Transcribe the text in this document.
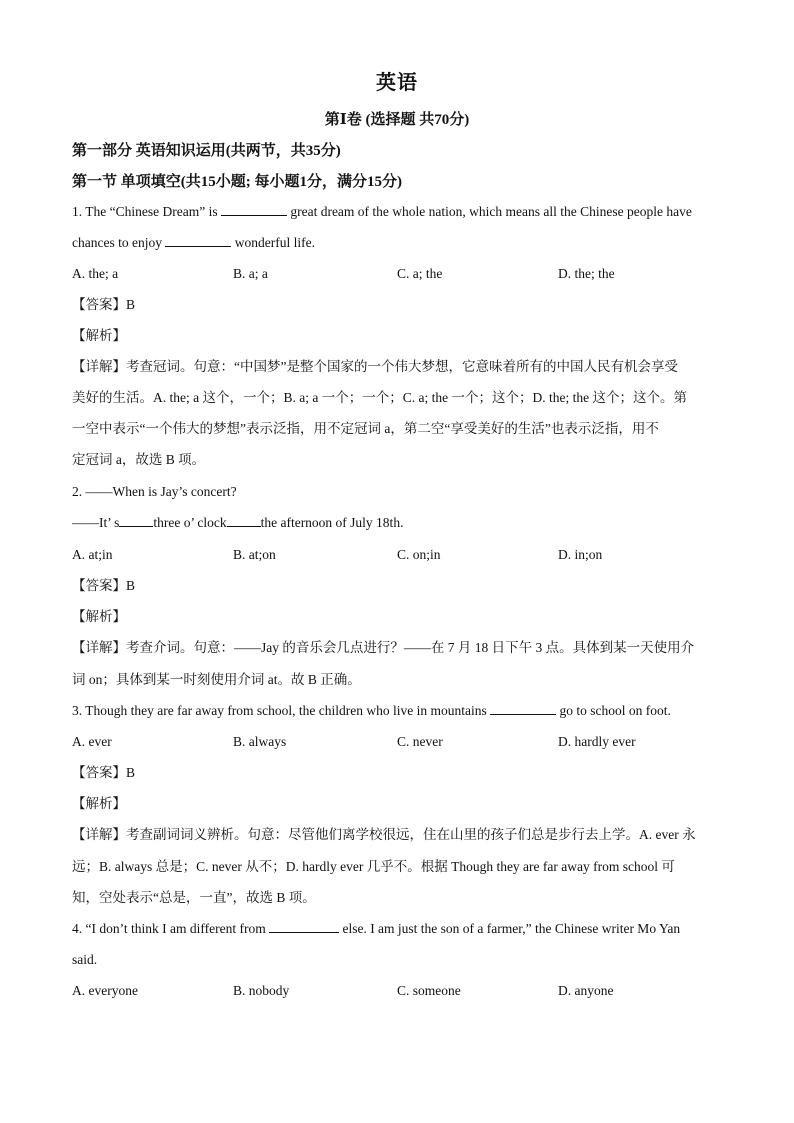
英语
第Ⅰ卷 (选择题 共70分)
第一部分 英语知识运用(共两节，共35分)
第一节 单项填空(共15小题; 每小题1分，满分15分)
1. The “Chinese Dream” is	great dream of the whole nation, which means all the Chinese people have
chances to enjoy	wonderful life.
A. the; a	B. a; a	C. a; the	D. the; the
【答案】B
【解析】
【详解】考查冠词。句意：“中国梦”是整个国家的一个伟大梦想，它意味着所有的中国人民有机会享受
美好的生活。A. the; a 这个，一个；B. a; a 一个；一个；C. a; the 一个；这个；D. the; the 这个；这个。第
一空中表示“一个伟大的梦想”表示泛指，用不定冠词 a，第二空“享受美好的生活”也表示泛指，用不
定冠词 a，故选 B 项。
2. ——When is Jay’s concert?
——It’ s	three o’ clock	the afternoon of July 18th.
A. at;in	B. at;on	C. on;in	D. in;on
【答案】B
【解析】
【详解】考查介词。句意：——Jay 的音乐会几点进行？——在 7 月 18 日下午 3 点。具体到某一天使用介
词 on；具体到某一时刻使用介词 at。故 B 正确。
3. Though they are far away from school, the children who live in mountains	go to school on foot.
A. ever	B. always	C. never	D. hardly ever
【答案】B
【解析】
【详解】考查副词词义辨析。句意：尽管他们离学校很远，住在山里的孩子们总是步行去上学。A. ever 永
远；B. always 总是；C. never 从不；D. hardly ever 几乎不。根据 Though they are far away from school 可
知，空处表示“总是，一直”，故选 B 项。
4. “I don’t think I am different from	else. I am just the son of a farmer,” the Chinese writer Mo Yan
said.
A. everyone	B. nobody	C. someone	D. anyone
